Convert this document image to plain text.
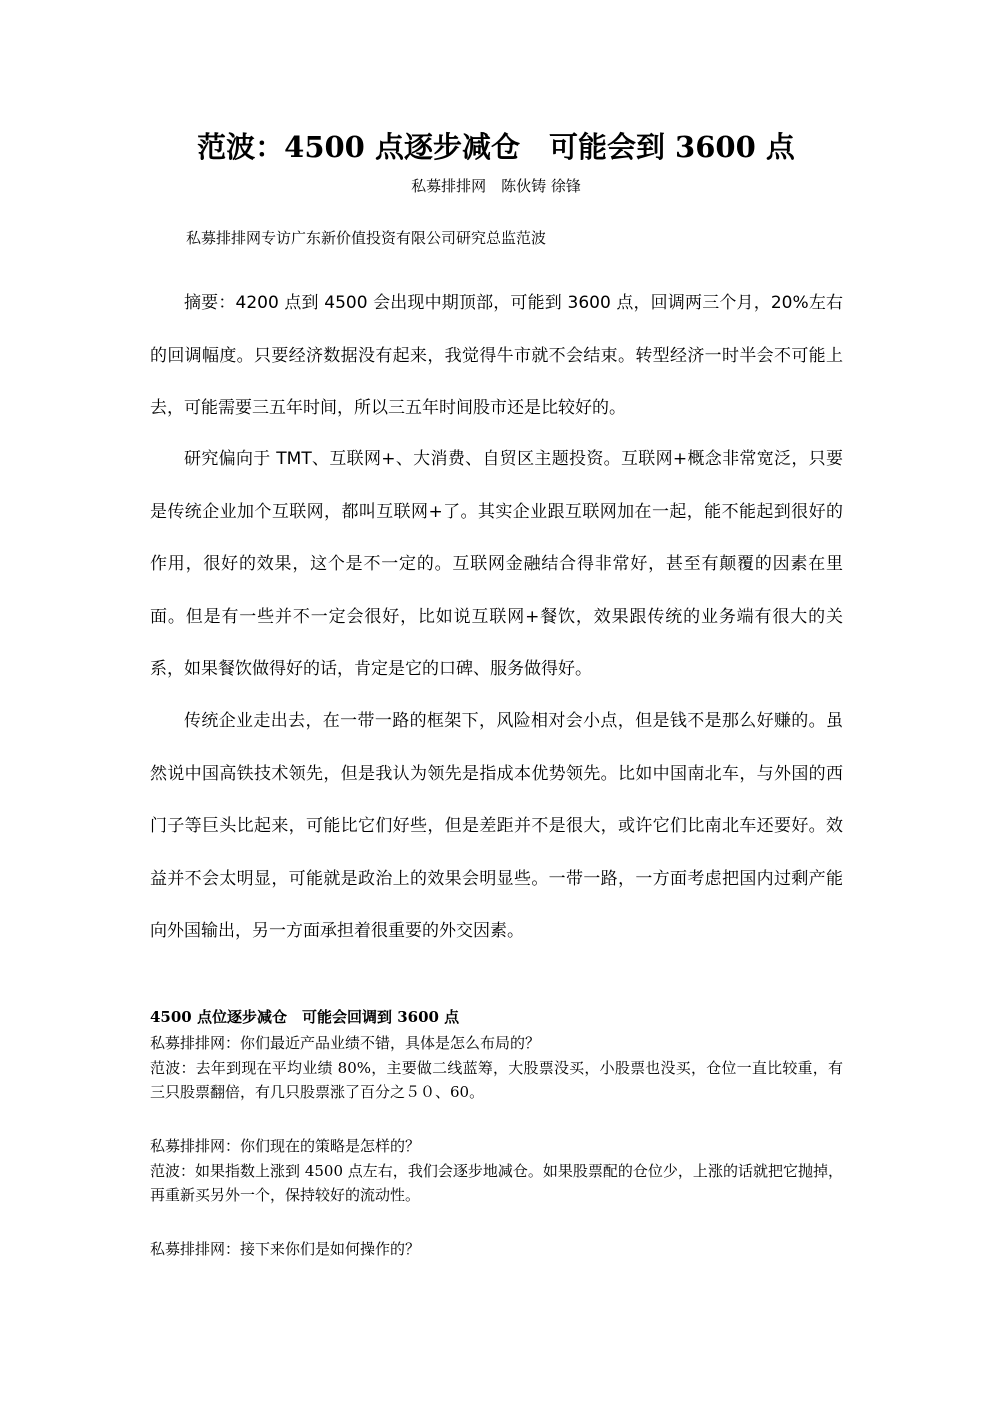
范波：4500 点逐步减仓　可能会到 3600 点
私募排排网　陈伙铸 徐锋
私募排排网专访广东新价值投资有限公司研究总监范波

摘要：4200 点到 4500 会出现中期顶部，可能到 3600 点，回调两三个月，20%左右的回调幅度。只要经济数据没有起来，我觉得牛市就不会结束。转型经济一时半会不可能上去，可能需要三五年时间，所以三五年时间股市还是比较好的。

研究偏向于 TMT、互联网+、大消费、自贸区主题投资。互联网+概念非常宽泛，只要是传统企业加个互联网，都叫互联网+了。其实企业跟互联网加在一起，能不能起到很好的作用，很好的效果，这个是不一定的。互联网金融结合得非常好，甚至有颠覆的因素在里面。但是有一些并不一定会很好，比如说互联网+餐饮，效果跟传统的业务端有很大的关系，如果餐饮做得好的话，肯定是它的口碑、服务做得好。

传统企业走出去，在一带一路的框架下，风险相对会小点，但是钱不是那么好赚的。虽然说中国高铁技术领先，但是我认为领先是指成本优势领先。比如中国南北车，与外国的西门子等巨头比起来，可能比它们好些，但是差距并不是很大，或许它们比南北车还要好。效益并不会太明显，可能就是政治上的效果会明显些。一带一路，一方面考虑把国内过剩产能向外国输出，另一方面承担着很重要的外交因素。

4500 点位逐步减仓　可能会回调到 3600 点

私募排排网：你们最近产品业绩不错，具体是怎么布局的？

范波：去年到现在平均业绩 80%，主要做二线蓝筹，大股票没买，小股票也没买，仓位一直比较重，有三只股票翻倍，有几只股票涨了百分之５０、60。

私募排排网：你们现在的策略是怎样的？

范波：如果指数上涨到 4500 点左右，我们会逐步地减仓。如果股票配的仓位少，上涨的话就把它抛掉，再重新买另外一个，保持较好的流动性。

私募排排网：接下来你们是如何操作的？
